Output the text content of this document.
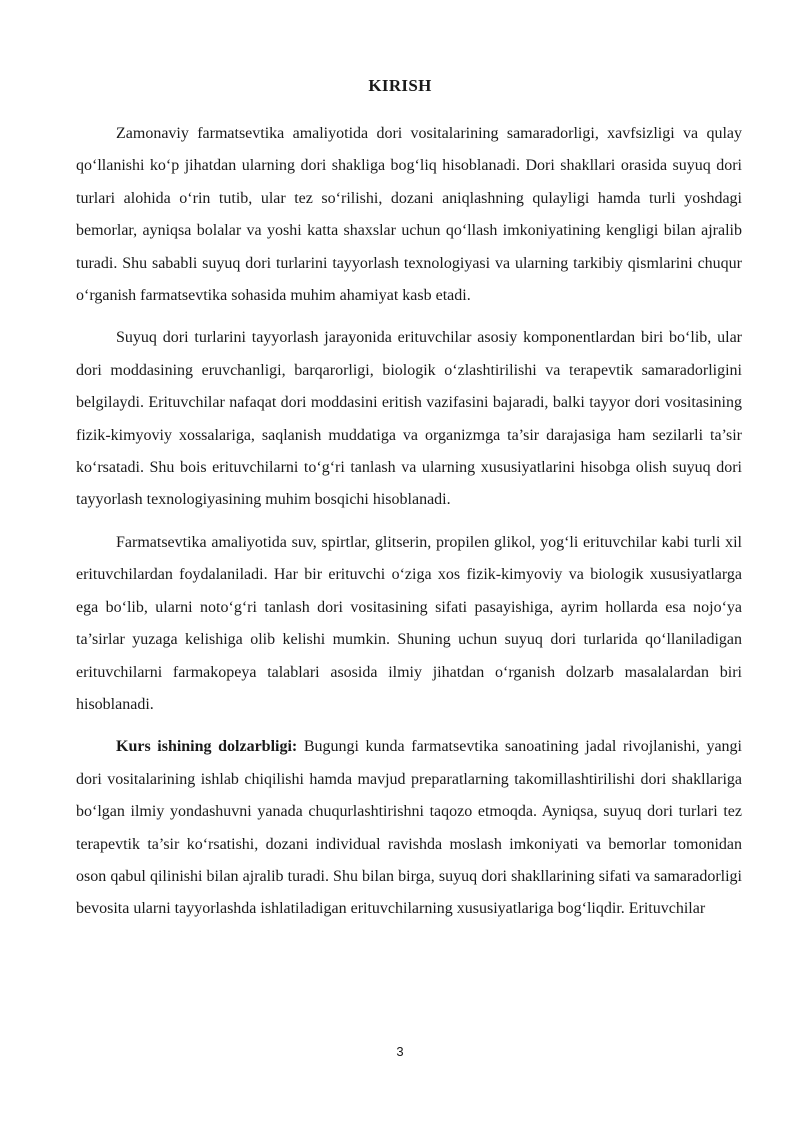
KIRISH

Zamonaviy farmatsevtika amaliyotida dori vositalarining samaradorligi, xavfsizligi va qulay qo‘llanishi ko‘p jihatdan ularning dori shakliga bog‘liq hisoblanadi. Dori shakllari orasida suyuq dori turlari alohida o‘rin tutib, ular tez so‘rilishi, dozani aniqlashning qulayligi hamda turli yoshdagi bemorlar, ayniqsa bolalar va yoshi katta shaxslar uchun qo‘llash imkoniyatining kengligi bilan ajralib turadi. Shu sababli suyuq dori turlarini tayyorlash texnologiyasi va ularning tarkibiy qismlarini chuqur o‘rganish farmatsevtika sohasida muhim ahamiyat kasb etadi.

Suyuq dori turlarini tayyorlash jarayonida erituvchilar asosiy komponentlardan biri bo‘lib, ular dori moddasining eruvchanligi, barqarorligi, biologik o‘zlashtirilishi va terapevtik samaradorligini belgilaydi. Erituvchilar nafaqat dori moddasini eritish vazifasini bajaradi, balki tayyor dori vositasining fizik-kimyoviy xossalariga, saqlanish muddatiga va organizmga ta’sir darajasiga ham sezilarli ta’sir ko‘rsatadi. Shu bois erituvchilarni to‘g‘ri tanlash va ularning xususiyatlarini hisobga olish suyuq dori tayyorlash texnologiyasining muhim bosqichi hisoblanadi.

Farmatsevtika amaliyotida suv, spirtlar, glitserin, propilen glikol, yog‘li erituvchilar kabi turli xil erituvchilardan foydalaniladi. Har bir erituvchi o‘ziga xos fizik-kimyoviy va biologik xususiyatlarga ega bo‘lib, ularni noto‘g‘ri tanlash dori vositasining sifati pasayishiga, ayrim hollarda esa nojo‘ya ta’sirlar yuzaga kelishiga olib kelishi mumkin. Shuning uchun suyuq dori turlarida qo‘llaniladigan erituvchilarni farmakopeya talablari asosida ilmiy jihatdan o‘rganish dolzarb masalalardan biri hisoblanadi.

Kurs ishining dolzarbligi: Bugungi kunda farmatsevtika sanoatining jadal rivojlanishi, yangi dori vositalarining ishlab chiqilishi hamda mavjud preparatlarning takomillashtirilishi dori shakllariga bo‘lgan ilmiy yondashuvni yanada chuqurlashtirishni taqozo etmoqda. Ayniqsa, suyuq dori turlari tez terapevtik ta’sir ko‘rsatishi, dozani individual ravishda moslash imkoniyati va bemorlar tomonidan oson qabul qilinishi bilan ajralib turadi. Shu bilan birga, suyuq dori shakllarining sifati va samaradorligi bevosita ularni tayyorlashda ishlatiladigan erituvchilarning xususiyatlariga bog‘liqdir. Erituvchilar

3
